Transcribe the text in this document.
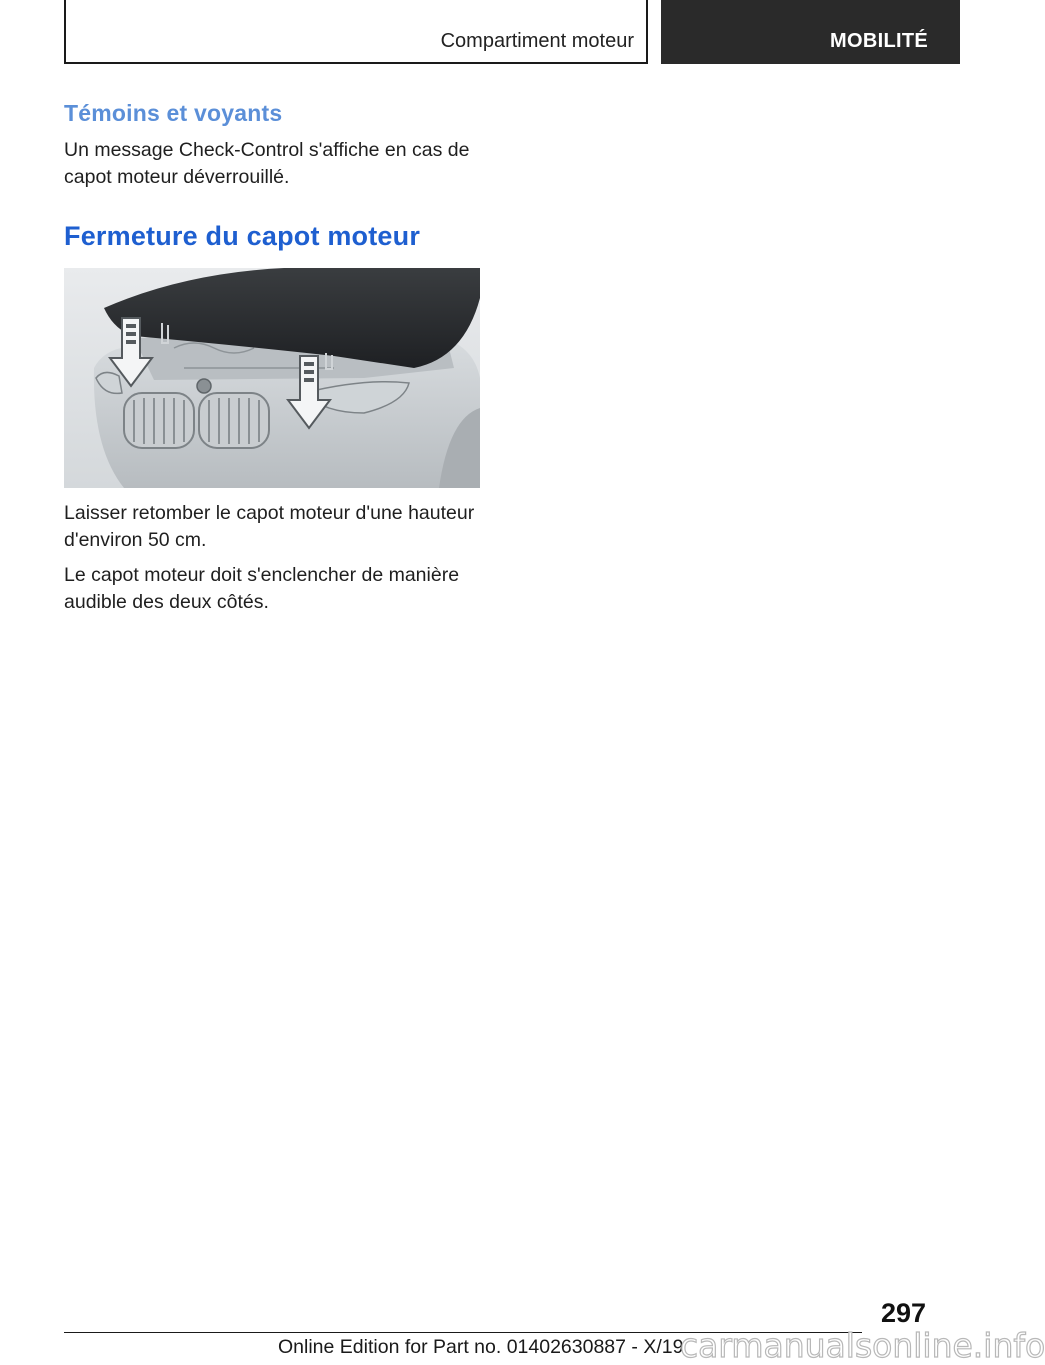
Compartiment moteur	MOBILITÉ
Témoins et voyants

Un message Check-Control s'affiche en cas de capot moteur déverrouillé.

Fermeture du capot moteur

Laisser retomber le capot moteur d'une hauteur d'environ 50 cm.

Le capot moteur doit s'enclencher de manière audible des deux côtés.

297
Online Edition for Part no. 01402630887 - X/19
carmanualsonline.info
